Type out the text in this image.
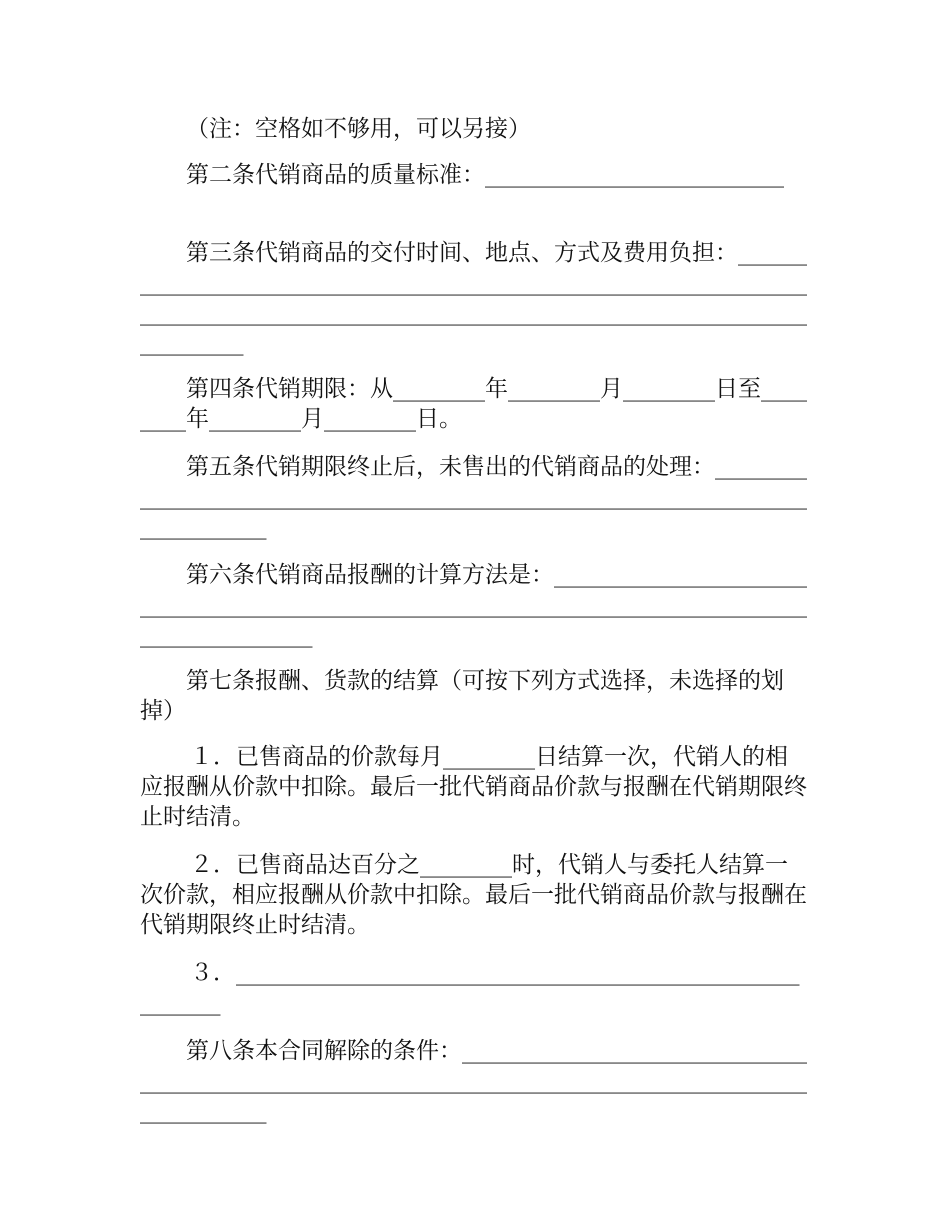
（注：空格如不够用，可以另接）

第二条代销商品的质量标准：__________________________

第三条代销商品的交付时间、地点、方式及费用负担：___________________________________________________________________________________________________________________________________

第四条代销期限：从________年________月________日至________年________月________日。

第五条代销期限终止后，未售出的代销商品的处理：_____________________________________________________________________________

第六条代销商品报酬的计算方法是：_______________________________________________________________________________________________

第七条报酬、货款的结算（可按下列方式选择，未选择的划掉）

１．已售商品的价款每月________日结算一次，代销人的相应报酬从价款中扣除。最后一批代销商品价款与报酬在代销期限终止时结清。

２．已售商品达百分之________时，代销人与委托人结算一次价款，相应报酬从价款中扣除。最后一批代销商品价款与报酬在代销期限终止时结清。

３．________________________________________________________

第八条本合同解除的条件：___________________________________________________________________________________________________
